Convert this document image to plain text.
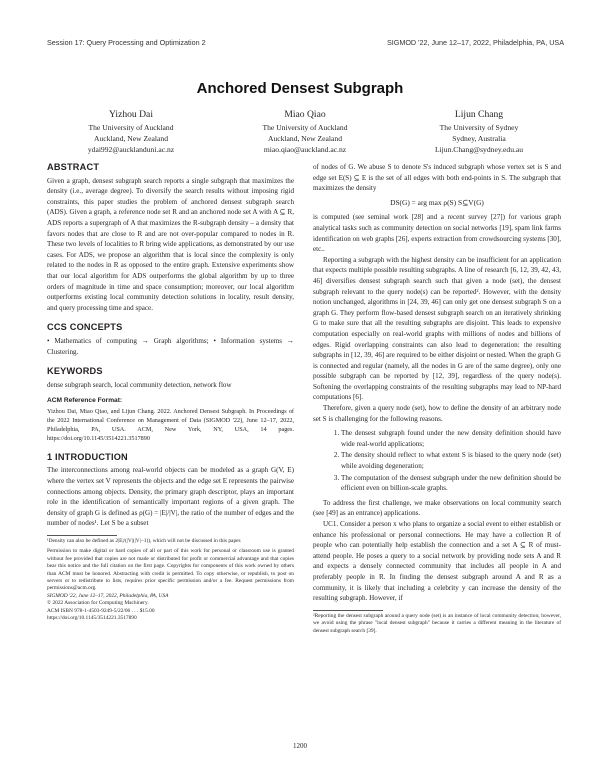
Session 17: Query Processing and Optimization 2	SIGMOD '22, June 12–17, 2022, Philadelphia, PA, USA
Anchored Densest Subgraph
Yizhou Dai
The University of Auckland
Auckland, New Zealand
ydai992@aucklanduni.ac.nz
Miao Qiao
The University of Auckland
Auckland, New Zealand
miao.qiao@auckland.ac.nz
Lijun Chang
The University of Sydney
Sydney, Australia
Lijun.Chang@sydney.edu.au
ABSTRACT

Given a graph, densest subgraph search reports a single subgraph that maximizes the density (i.e., average degree). To diversify the search results without imposing rigid constraints, this paper studies the problem of anchored densest subgraph search (ADS). Given a graph, a reference node set R and an anchored node set A with A ⊆ R, ADS reports a supergraph of A that maximizes the R-subgraph density – a density that favors nodes that are close to R and are not over-popular compared to nodes in R. These two levels of localities to R bring wide applications, as demonstrated by our use cases. For ADS, we propose an algorithm that is local since the complexity is only related to the nodes in R as opposed to the entire graph. Extensive experiments show that our local algorithm for ADS outperforms the global algorithm by up to three orders of magnitude in time and space consumption; moreover, our local algorithm outperforms existing local community detection solutions in locality, result density, and query processing time and space.

CCS CONCEPTS

• Mathematics of computing → Graph algorithms; • Information systems → Clustering.

KEYWORDS

dense subgraph search, local community detection, network flow

ACM Reference Format:

Yizhou Dai, Miao Qiao, and Lijun Chang. 2022. Anchored Densest Subgraph. In Proceedings of the 2022 International Conference on Management of Data (SIGMOD '22), June 12–17, 2022, Philadelphia, PA, USA. ACM, New York, NY, USA, 14 pages. https://doi.org/10.1145/3514221.3517890

1 INTRODUCTION

The interconnections among real-world objects can be modeled as a graph G(V, E) where the vertex set V represents the objects and the edge set E represents the pairwise connections among objects. Density, the primary graph descriptor, plays an important role in the identification of semantically important regions of a given graph. The density of graph G is defined as ρ(G) = |E|/|V|, the ratio of the number of edges and the number of nodes¹. Let S be a subset

¹Density can also be defined as 2|E|/(|V|(|V|−1)), which will not be discussed in this paper.

Permission to make digital or hard copies of all or part of this work for personal or classroom use is granted without fee provided that copies are not made or distributed for profit or commercial advantage and that copies bear this notice and the full citation on the first page. Copyrights for components of this work owned by others than ACM must be honored. Abstracting with credit is permitted. To copy otherwise, or republish, to post on servers or to redistribute to lists, requires prior specific permission and/or a fee. Request permissions from permissions@acm.org.

SIGMOD '22, June 12–17, 2022, Philadelphia, PA, USA

© 2022 Association for Computing Machinery.

ACM ISBN 978-1-4503-9249-5/22/06 . . . $15.00

https://doi.org/10.1145/3514221.3517890

of nodes of G. We abuse S to denote S's induced subgraph whose vertex set is S and edge set E(S) ⊆ E is the set of all edges with both end-points in S. The subgraph that maximizes the density

DS(G) = arg max ρ(S) S⊆V(G)

is computed (see seminal work [28] and a recent survey [27]) for various graph analytical tasks such as community detection on social networks [19], spam link farms identification on web graphs [26], experts extraction from crowdsourcing systems [30], etc..

Reporting a subgraph with the highest density can be insufficient for an application that expects multiple possible resulting subgraphs. A line of research [6, 12, 39, 42, 43, 46] diversifies densest subgraph search such that given a node (set), the densest subgraph relevant to the query node(s) can be reported². However, with the density notion unchanged, algorithms in [24, 39, 46] can only get one densest subgraph S on a graph G. They perform flow-based densest subgraph search on an iteratively shrinking G to make sure that all the resulting subgraphs are disjoint. This leads to expensive computation especially on real-world graphs with millions of nodes and billions of edges. Rigid overlapping constraints can also lead to degeneration: the resulting subgraphs in [12, 39, 46] are required to be either disjoint or nested. When the graph G is connected and regular (namely, all the nodes in G are of the same degree), only one possible subgraph can be reported by [12, 39], regardless of the query node(s). Softening the overlapping constraints of the resulting subgraphs may lead to NP-hard computations [6].

Therefore, given a query node (set), how to define the density of an arbitrary node set S is challenging for the following reasons.

1. The densest subgraph found under the new density definition should have wide real-world applications;
2. The density should reflect to what extent S is biased to the query node (set) while avoiding degeneration;
3. The computation of the densest subgraph under the new definition should be efficient even on billion-scale graphs.

To address the first challenge, we make observations on local community search (see [49] as an entrance) applications.

UC1. Consider a person x who plans to organize a social event to either establish or enhance his professional or personal connections. He may have a collection R of people who can potentially help establish the connection and a set A ⊆ R of must-attend people. He poses a query to a social network by providing node sets A and R and expects a densely connected community that includes all people in A and preferably people in R. In finding the densest subgraph around A and R as a community, it is likely that including a celebrity y can increase the density of the resulting subgraph. However, if

²Reporting the densest subgraph around a query node (set) is an instance of local community detection; however, we avoid using the phrase "local densest subgraph" because it carries a different meaning in the literature of densest subgraph search [39].

1200
